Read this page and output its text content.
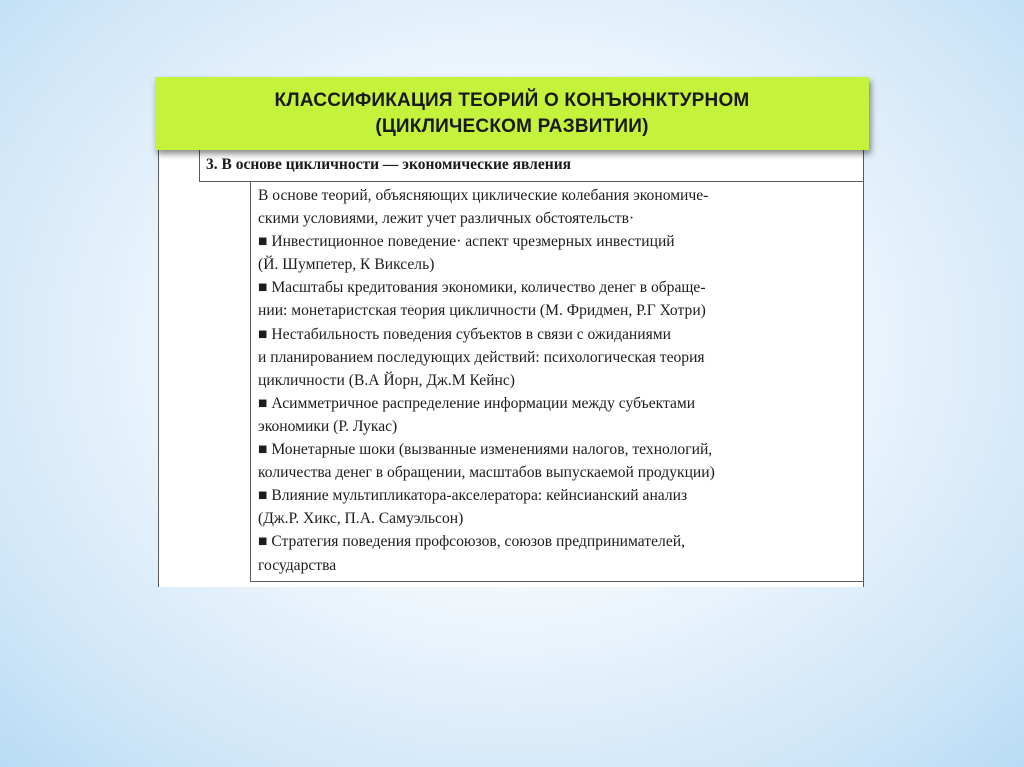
КЛАССИФИКАЦИЯ ТЕОРИЙ О КОНЪЮНКТУРНОМ
(ЦИКЛИЧЕСКОМ РАЗВИТИИ)
3. В основе цикличности — экономические явления
В основе теорий, объясняющих циклические колебания экономиче-
скими условиями, лежит учет различных обстоятельств·
■ Инвестиционное поведение· аспект чрезмерных инвестиций
(Й. Шумпетер, К Виксель)
■ Масштабы кредитования экономики, количество денег в обраще-
нии: монетаристская теория цикличности (М. Фридмен, Р.Г Хотри)
■ Нестабильность поведения субъектов в связи с ожиданиями
и планированием последующих действий: психологическая теория
цикличности (В.А Йорн, Дж.М Кейнс)
■ Асимметричное распределение информации между субъектами
экономики (Р. Лукас)
■ Монетарные шоки (вызванные изменениями налогов, технологий,
количества денег в обращении, масштабов выпускаемой продукции)
■ Влияние мультипликатора-акселератора: кейнсианский анализ
(Дж.Р. Хикс, П.А. Самуэльсон)
■ Стратегия поведения профсоюзов, союзов предпринимателей,
государства
